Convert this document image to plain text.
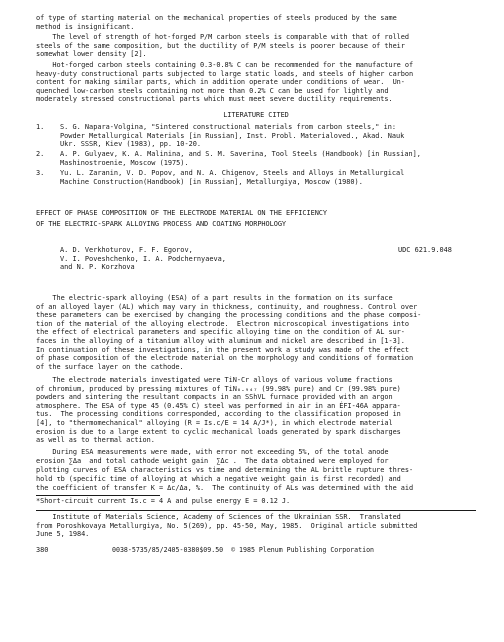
of type of starting material on the mechanical properties of steels produced by the same
method is insignificant.

The level of strength of hot-forged P/M carbon steels is comparable with that of rolled
steels of the same composition, but the ductility of P/M steels is poorer because of their
somewhat lower density [2].

Hot-forged carbon steels containing 0.3-0.8% C can be recommended for the manufacture of
heavy-duty constructional parts subjected to large static loads, and steels of higher carbon
content for making similar parts, which in addition operate under conditions of wear.  Un-
quenched low-carbon steels containing not more than 0.2% C can be used for lightly and
moderately stressed constructional parts which must meet severe ductility requirements.

LITERATURE CITED

1. S. G. Napara-Volgina, "Sintered constructional materials from carbon steels," in:
Powder Metallurgical Materials [in Russian], Inst. Probl. Materialoved., Akad. Nauk
Ukr. SSSR, Kiev (1983), pp. 10-20.
2. A. P. Gulyaev, K. A. Malinina, and S. M. Saverina, Tool Steels (Handbook) [in Russian],
Mashinostroenie, Moscow (1975).
3. Yu. L. Zaranin, V. D. Popov, and N. A. Chigenov, Steels and Alloys in Metallurgical
Machine Construction(Handbook) [in Russian], Metallurgiya, Moscow (1980).

EFFECT OF PHASE COMPOSITION OF THE ELECTRODE MATERIAL ON THE EFFICIENCY
OF THE ELECTRIC-SPARK ALLOYING PROCESS AND COATING MORPHOLOGY

A. D. Verkhoturov, F. F. Egorov,
V. I. Poveshchenko, I. A. Podchernyaeva,
and N. P. Korzhova

UDC 621.9.048

The electric-spark alloying (ESA) of a part results in the formation on its surface
of an alloyed layer (AL) which may vary in thickness, continuity, and roughness. Control over
these parameters can be exercised by changing the processing conditions and the phase composi-
tion of the material of the alloying electrode.  Electron microscopical investigations into
the effect of electrical parameters and specific alloying time on the condition of AL sur-
faces in the alloying of a titanium alloy with aluminum and nickel are described in [1-3].
In continuation of these investigations, in the present work a study was made of the effect
of phase composition of the electrode material on the morphology and conditions of formation
of the surface layer on the cathode.

The electrode materials investigated were TiN-Cr alloys of various volume fractions
of chromium, produced by pressing mixtures of TiN₀.₉₄₇ (99.98% pure) and Cr (99.98% pure)
powders and sintering the resultant compacts in an SShVL furnace provided with an argon
atmosphere. The ESA of type 45 (0.45% C) steel was performed in air in an ÉFI-46A appara-
tus.  The processing conditions corresponded, according to the classification proposed in
[4], to "thermomechanical" alloying (R = Is.c/E = 14 A/J*), in which electrode material
erosion is due to a large extent to cyclic mechanical loads generated by spark discharges
as well as to thermal action.

During ESA measurements were made, with error not exceeding 5%, of the total anode
erosion ∑Δa  and total cathode weight gain  ∑Δc .  The data obtained were employed for
plotting curves of ESA characteristics vs time and determining the AL brittle rupture thres-
hold τb (specific time of alloying at which a negative weight gain is first recorded) and
the coefficient of transfer K = Δc/Δa, %.  The continuity of ALs was determined with the aid

*Short-circuit current Is.c = 4 A and pulse energy E = 0.12 J.

Institute of Materials Science, Academy of Sciences of the Ukrainian SSR.  Translated
from Poroshkovaya Metallurgiya, No. 5(269), pp. 45-50, May, 1985.  Original article submitted
June 5, 1984.

380	0038-5735/85/2405-0380$09.50  © 1985 Plenum Publishing Corporation
